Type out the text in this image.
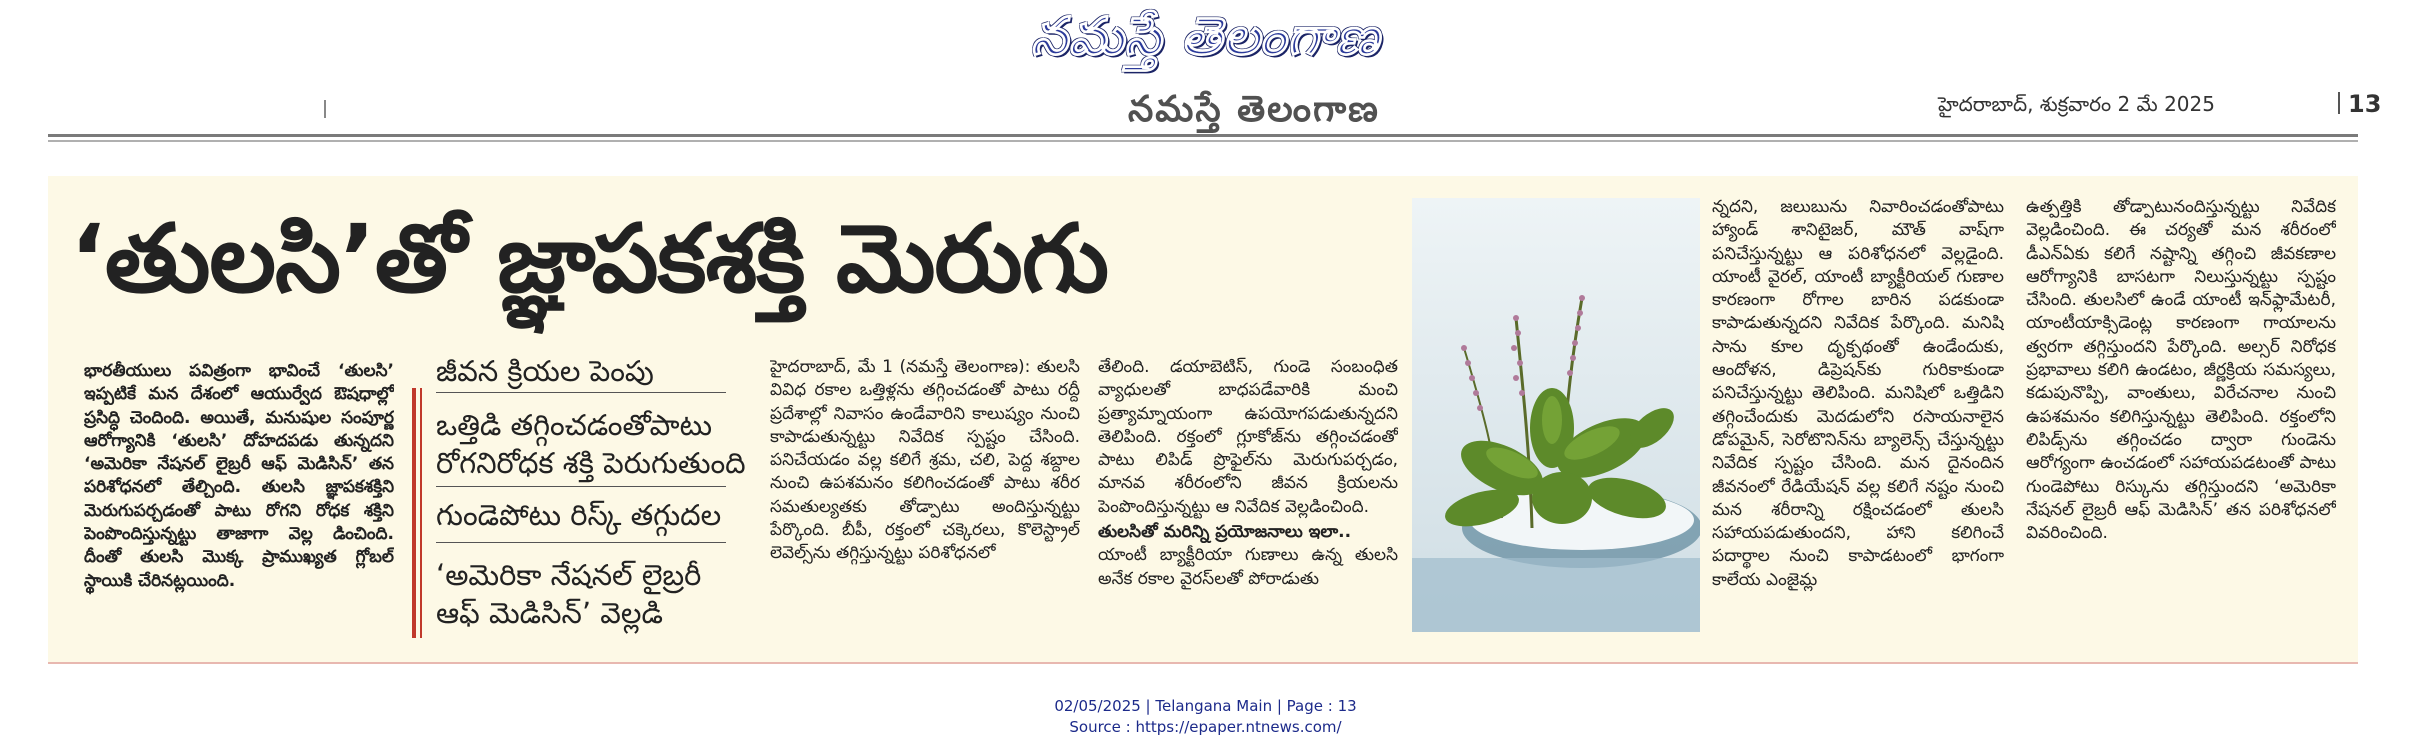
నమస్తే తెలంగాణ
నమస్తే తెలంగాణ	హైదరాబాద్, శుక్రవారం 2 మే 2025	13
‘తులసి’తో జ్ఞాపకశక్తి మెరుగు
భారతీయులు పవిత్రంగా భావించే ‘తులసి’ ఇప్పటికే మన దేశంలో ఆయుర్వేద ఔషధాల్లో ప్రసిద్ధి చెందింది. అయితే, మనుషుల సంపూర్ణ ఆరోగ్యానికి ‘తులసి’ దోహదపడు తున్నదని ‘అమెరికా నేషనల్ లైబ్రరీ ఆఫ్ మెడిసిన్’ తన పరిశోధనలో తేల్చింది. తులసి జ్ఞాపకశక్తిని మెరుగుపర్చడంతో పాటు రోగని రోధక శక్తిని పెంపొందిస్తున్నట్టు తాజాగా వెల్ల డించింది. దీంతో తులసి మొక్క ప్రాముఖ్యత గ్లోబల్ స్థాయికి చేరినట్లయింది.
జీవన క్రియల పెంపు
ఒత్తిడి తగ్గించడంతోపాటు
రోగనిరోధక శక్తి పెరుగుతుంది
గుండెపోటు రిస్క్ తగ్గుదల
‘అమెరికా నేషనల్ లైబ్రరీ
ఆఫ్ మెడిసిన్’ వెల్లడి
హైదరాబాద్, మే 1 (నమస్తే తెలంగాణ): తులసి వివిధ రకాల ఒత్తిళ్లను తగ్గించడంతో పాటు రద్దీ ప్రదేశాల్లో నివాసం ఉండేవారిని కాలుష్యం నుంచి కాపాడుతున్నట్టు నివేదిక స్పష్టం చేసింది. పనిచేయడం వల్ల కలిగే శ్రమ, చలి, పెద్ద శబ్దాల నుంచి ఉపశమనం కలిగించడంతో పాటు శరీర సమతుల్యతకు తోడ్పాటు అందిస్తున్నట్టు పేర్కొంది. బీపీ, రక్తంలో చక్కెరలు, కొలెస్ట్రాల్ లెవెల్స్‌ను తగ్గిస్తున్నట్టు పరిశోధనలో
తేలింది. డయాబెటిస్, గుండె సంబంధిత వ్యాధులతో బాధపడేవారికి మంచి ప్రత్యామ్నాయంగా ఉపయోగపడుతున్నదని తెలిపింది. రక్తంలో గ్లూకోజ్‌ను తగ్గించడంతో పాటు లిపిడ్ ప్రొఫైల్‌ను మెరుగుపర్చడం, మానవ శరీరంలోని జీవన క్రియలను పెంపొందిస్తున్నట్టు ఆ నివేదిక వెల్లడించింది.
తులసితో మరిన్ని ప్రయోజనాలు ఇలా..
యాంటీ బ్యాక్టీరియా గుణాలు ఉన్న తులసి అనేక రకాల వైరస్‌లతో పోరాడుతు
న్నదని, జలుబును నివారించడంతోపాటు హ్యాండ్ శానిటైజర్, మౌత్ వాష్‌గా పనిచేస్తున్నట్టు ఆ పరిశోధనలో వెల్లడైంది. యాంటీ వైరల్, యాంటీ బ్యాక్టీరియల్ గుణాల కారణంగా రోగాల బారిన పడకుండా కాపాడుతున్నదని నివేదిక పేర్కొంది. మనిషి సాను కూల దృక్పథంతో ఉండేందుకు, ఆందోళన, డిప్రెషన్‌కు గురికాకుండా పనిచేస్తున్నట్టు తెలిపింది. మనిషిలో ఒత్తిడిని తగ్గించేందుకు మెదడులోని రసాయనాలైన డోపమైన్, సెరోటొనిన్‌ను బ్యాలెన్స్ చేస్తున్నట్టు నివేదిక స్పష్టం చేసింది. మన దైనందిన జీవనంలో రేడియేషన్ వల్ల కలిగే నష్టం నుంచి మన శరీరాన్ని రక్షించడంలో తులసి సహాయపడుతుందని, హాని కలిగించే పదార్థాల నుంచి కాపాడటంలో భాగంగా కాలేయ ఎంజైమ్ల
ఉత్పత్తికి తోడ్పాటునందిస్తున్నట్టు నివేదిక వెల్లడించింది. ఈ చర్యతో మన శరీరంలో డీఎన్ఏకు కలిగే నష్టాన్ని తగ్గించి జీవకణాల ఆరోగ్యానికి బాసటగా నిలుస్తున్నట్టు స్పష్టం చేసింది. తులసిలో ఉండే యాంటీ ఇన్‌ఫ్లామేటరీ, యాంటీయాక్సిడెంట్ల కారణంగా గాయాలను త్వరగా తగ్గిస్తుందని పేర్కొంది. అల్సర్ నిరోధక ప్రభావాలు కలిగి ఉండటం, జీర్ణక్రియ సమస్యలు, కడుపునొప్పి, వాంతులు, విరేచనాల నుంచి ఉపశమనం కలిగిస్తున్నట్టు తెలిపింది. రక్తంలోని లిపిడ్స్‌ను తగ్గించడం ద్వారా గుండెను ఆరోగ్యంగా ఉంచడంలో సహాయపడటంతో పాటు గుండెపోటు రిస్కును తగ్గిస్తుందని ‘అమెరికా నేషనల్ లైబ్రరీ ఆఫ్ మెడిసిన్’ తన పరిశోధనలో వివరించింది.
02/05/2025 | Telangana Main | Page : 13
Source : https://epaper.ntnews.com/
